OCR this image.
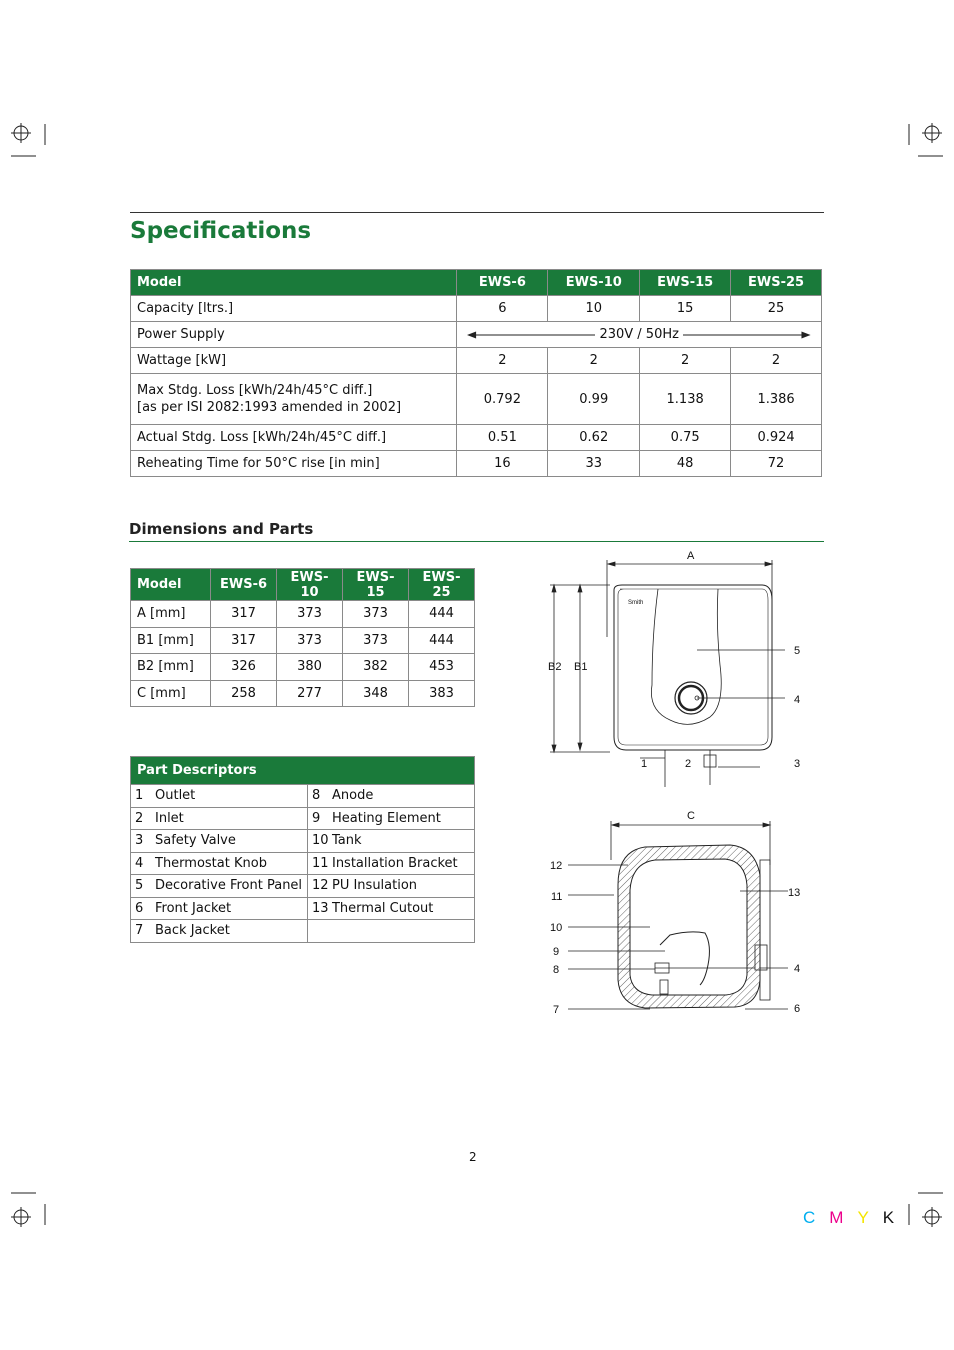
Specifications
Model	EWS-6	EWS-10	EWS-15	EWS-25
Capacity [ltrs.]	6	10	15	25
Power Supply	230V / 50Hz			

Wattage [kW]	2	2	2	2

Max Stdg. Loss [kWh/24h/45°C diff.]
[as per ISI 2082:1993 amended in 2002]	0.792	0.99	1.138	1.386
Actual Stdg. Loss [kWh/24h/45°C diff.]	0.51	0.62	0.75	0.924
Reheating Time for 50°C rise [in min]	16	33	48	72
Dimensions and Parts
Model	EWS-6	EWS-10	EWS-15	EWS-25
A [mm]	317	373	373	444
B1 [mm]	317	373	373	444
B2 [mm]	326	380	382	453
C [mm]	258	277	348	383
Part Descriptors	
1 Outlet	8 Anode
2 Inlet	9 Heating Element
3 Safety Valve	10 Tank
4 Thermostat Knob	11 Installation Bracket
5 Decorative Front Panel	12 PU Insulation
6 Front Jacket	13 Thermal Cutout
7 Back Jacket	
A
B2 B1
Smith
5
4
3
1	2
C
12
11
10
9
8
7
13
4
6
2
C M Y K
